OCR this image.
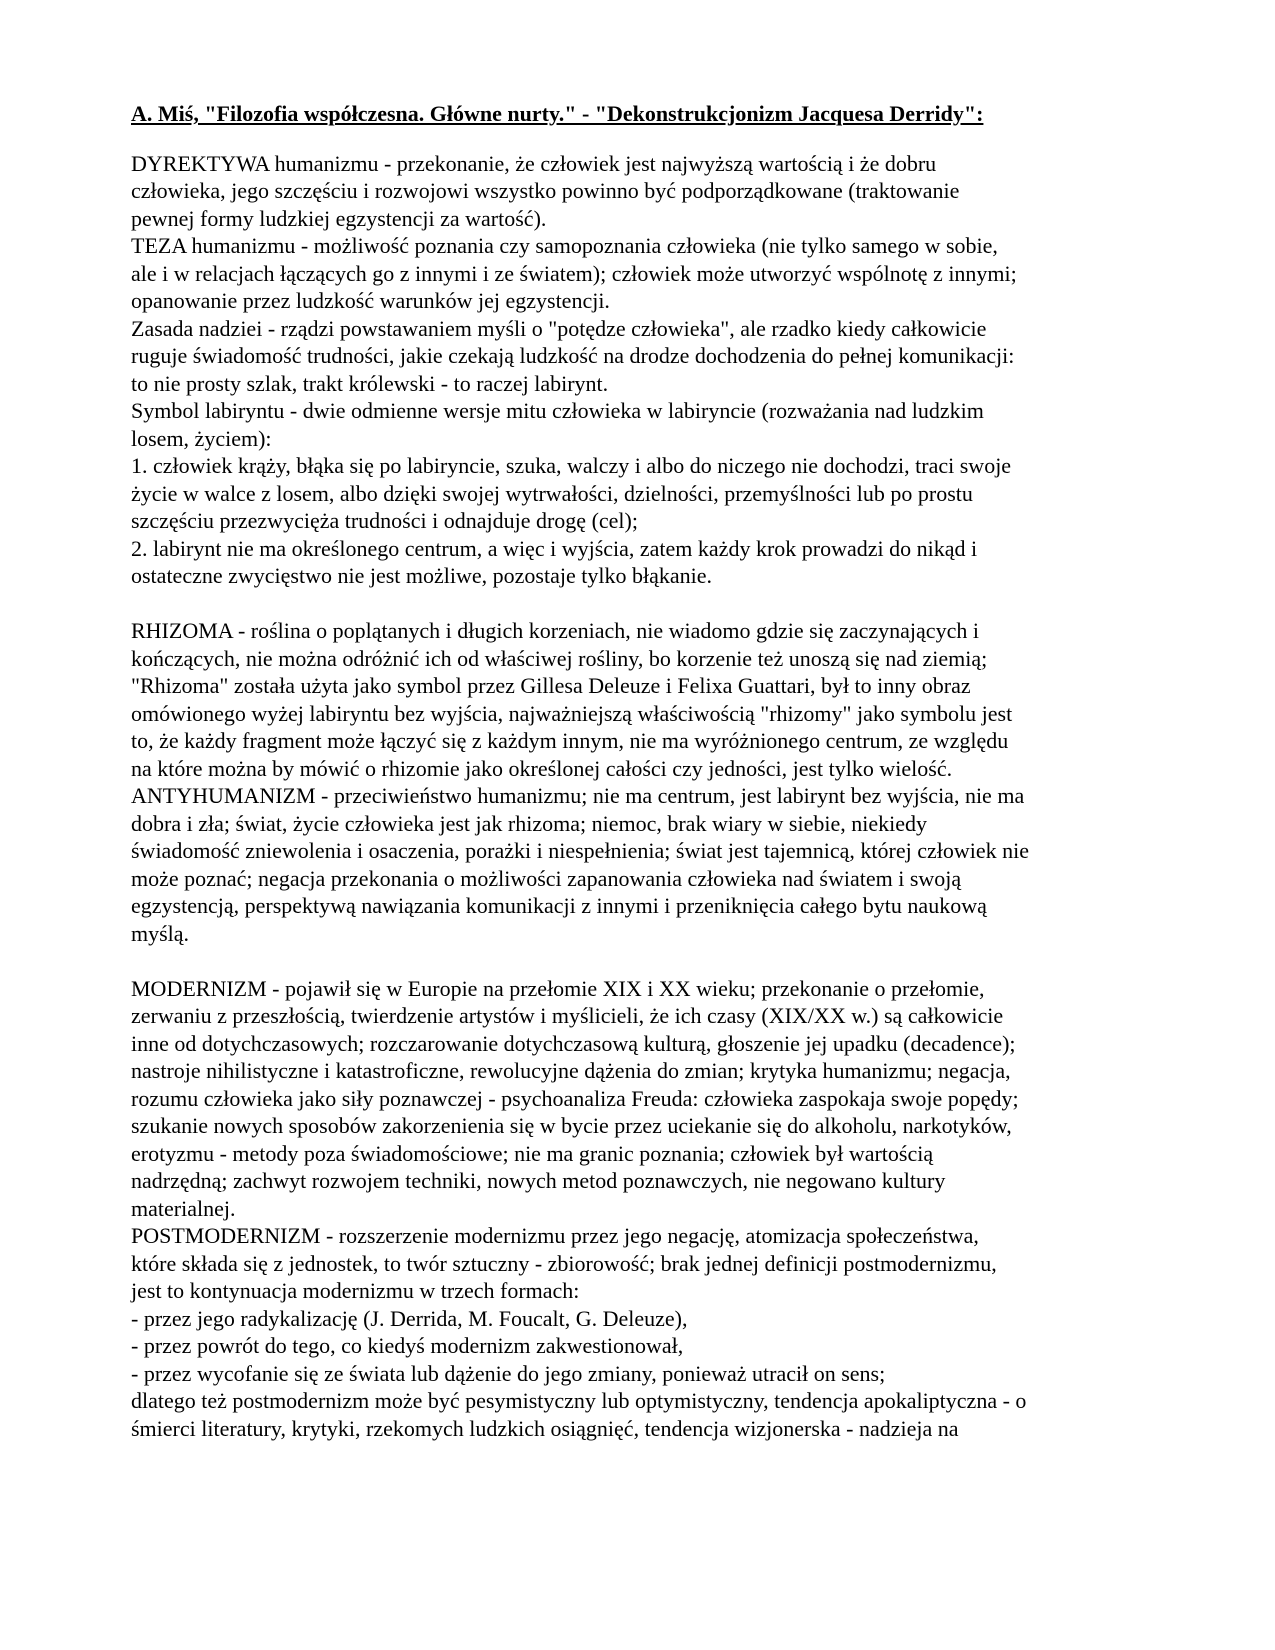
A. Miś, "Filozofia współczesna. Główne nurty." - "Dekonstrukcjonizm Jacquesa Derridy":
DYREKTYWA humanizmu - przekonanie, że człowiek jest najwyższą wartością i że dobru
człowieka, jego szczęściu i rozwojowi wszystko powinno być podporządkowane (traktowanie
pewnej formy ludzkiej egzystencji za wartość).
TEZA humanizmu - możliwość poznania czy samopoznania człowieka (nie tylko samego w sobie,
ale i w relacjach łączących go z innymi i ze światem); człowiek może utworzyć wspólnotę z innymi;
opanowanie przez ludzkość warunków jej egzystencji.
Zasada nadziei - rządzi powstawaniem myśli o "potędze człowieka", ale rzadko kiedy całkowicie
ruguje świadomość trudności, jakie czekają ludzkość na drodze dochodzenia do pełnej komunikacji:
to nie prosty szlak, trakt królewski - to raczej labirynt.
Symbol labiryntu - dwie odmienne wersje mitu człowieka w labiryncie (rozważania nad ludzkim
losem, życiem):
1. człowiek krąży, błąka się po labiryncie, szuka, walczy i albo do niczego nie dochodzi, traci swoje
życie w walce z losem, albo dzięki swojej wytrwałości, dzielności, przemyślności lub po prostu
szczęściu przezwycięża trudności i odnajduje drogę (cel);
2. labirynt nie ma określonego centrum, a więc i wyjścia, zatem każdy krok prowadzi do nikąd i
ostateczne zwycięstwo nie jest możliwe, pozostaje tylko błąkanie.
RHIZOMA - roślina o poplątanych i długich korzeniach, nie wiadomo gdzie się zaczynających i
kończących, nie można odróżnić ich od właściwej rośliny, bo korzenie też unoszą się nad ziemią;
"Rhizoma" została użyta jako symbol przez Gillesa Deleuze i Felixa Guattari, był to inny obraz
omówionego wyżej labiryntu bez wyjścia, najważniejszą właściwością "rhizomy" jako symbolu jest
to, że każdy fragment może łączyć się z każdym innym, nie ma wyróżnionego centrum, ze względu
na które można by mówić o rhizomie jako określonej całości czy jedności, jest tylko wielość.
ANTYHUMANIZM - przeciwieństwo humanizmu; nie ma centrum, jest labirynt bez wyjścia, nie ma
dobra i zła; świat, życie człowieka jest jak rhizoma; niemoc, brak wiary w siebie, niekiedy
świadomość zniewolenia i osaczenia, porażki i niespełnienia; świat jest tajemnicą, której człowiek nie
może poznać; negacja przekonania o możliwości zapanowania człowieka nad światem i swoją
egzystencją, perspektywą nawiązania komunikacji z innymi i przeniknięcia całego bytu naukową
myślą.
MODERNIZM - pojawił się w Europie na przełomie XIX i XX wieku; przekonanie o przełomie,
zerwaniu z przeszłością, twierdzenie artystów i myślicieli, że ich czasy (XIX/XX w.) są całkowicie
inne od dotychczasowych; rozczarowanie dotychczasową kulturą, głoszenie jej upadku (decadence);
nastroje nihilistyczne i katastroficzne, rewolucyjne dążenia do zmian; krytyka humanizmu; negacja,
rozumu człowieka jako siły poznawczej - psychoanaliza Freuda: człowieka zaspokaja swoje popędy;
szukanie nowych sposobów zakorzenienia się w bycie przez uciekanie się do alkoholu, narkotyków,
erotyzmu - metody poza świadomościowe; nie ma granic poznania; człowiek był wartością
nadrzędną; zachwyt rozwojem techniki, nowych metod poznawczych, nie negowano kultury
materialnej.
POSTMODERNIZM - rozszerzenie modernizmu przez jego negację, atomizacja społeczeństwa,
które składa się z jednostek, to twór sztuczny - zbiorowość; brak jednej definicji postmodernizmu,
jest to kontynuacja modernizmu w trzech formach:
- przez jego radykalizację (J. Derrida, M. Foucalt, G. Deleuze),
- przez powrót do tego, co kiedyś modernizm zakwestionował,
- przez wycofanie się ze świata lub dążenie do jego zmiany, ponieważ utracił on sens;
dlatego też postmodernizm może być pesymistyczny lub optymistyczny, tendencja apokaliptyczna - o
śmierci literatury, krytyki, rzekomych ludzkich osiągnięć, tendencja wizjonerska - nadzieja na
